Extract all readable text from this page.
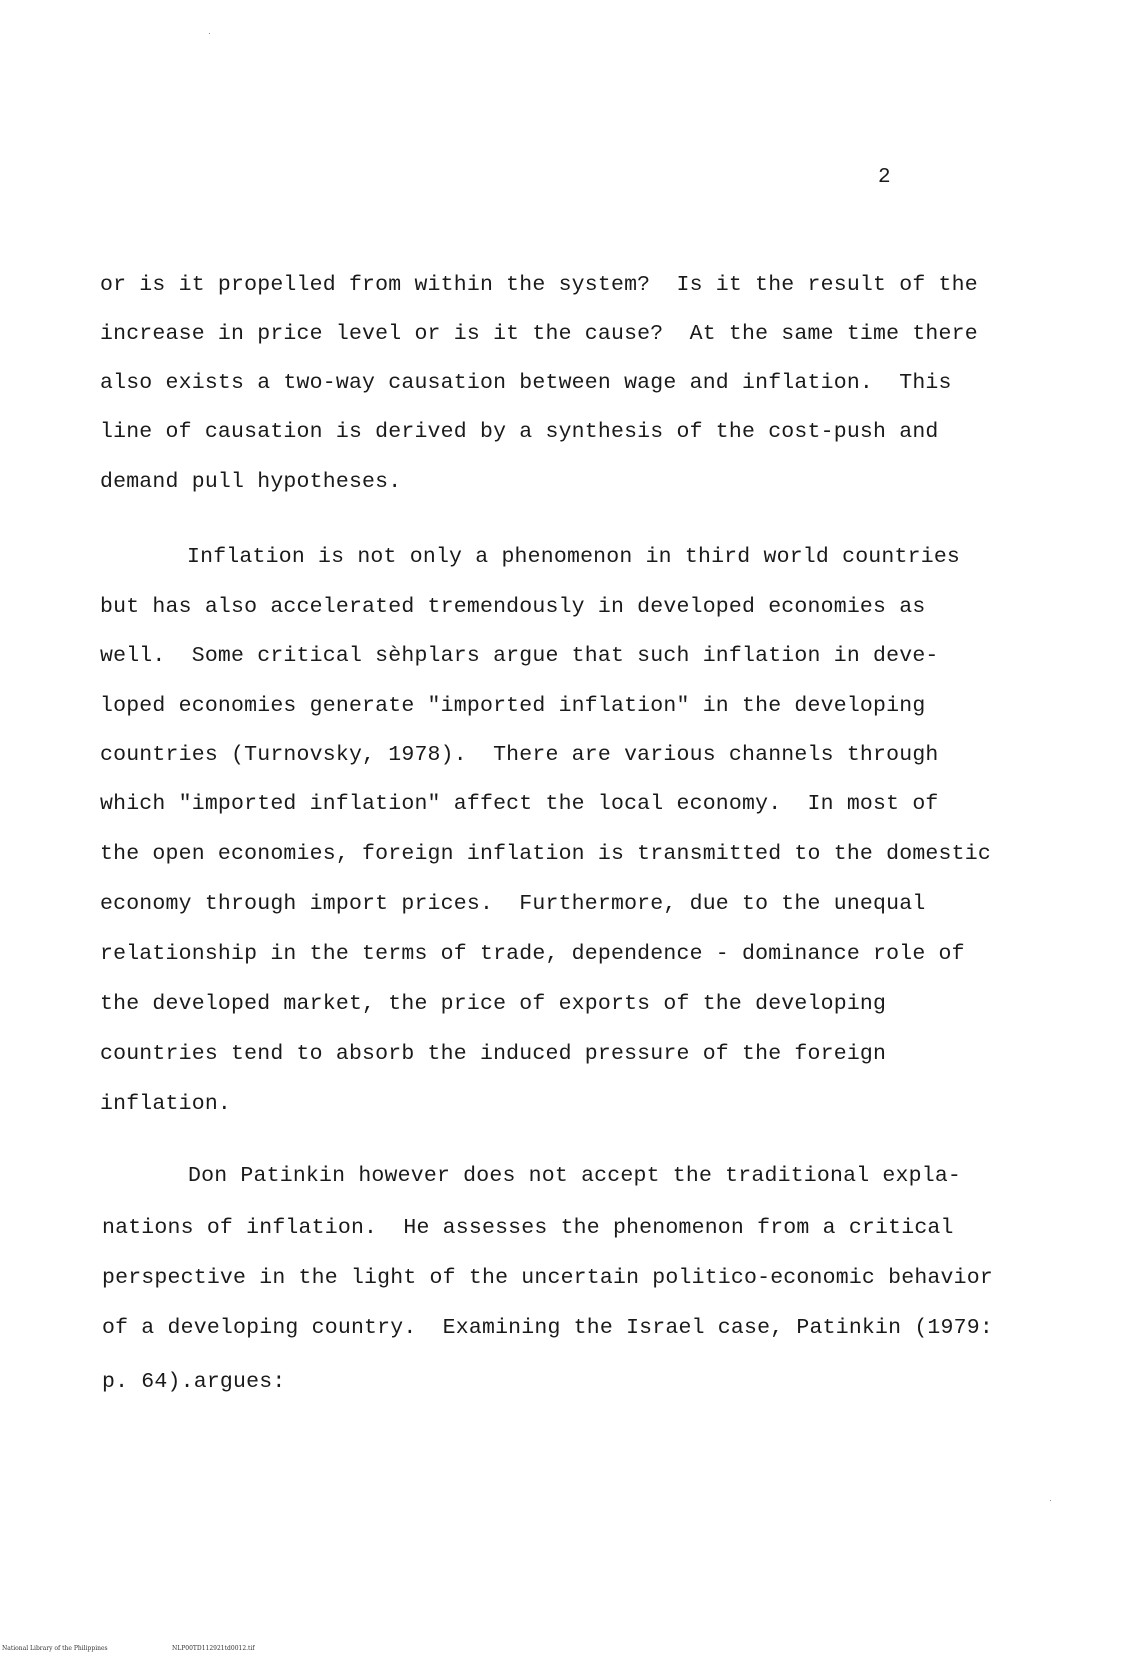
2
or is it propelled from within the system?  Is it the result of the
increase in price level or is it the cause?  At the same time there
also exists a two-way causation between wage and inflation.  This
line of causation is derived by a synthesis of the cost-push and
demand pull hypotheses.
Inflation is not only a phenomenon in third world countries
but has also accelerated tremendously in developed economies as
well.  Some critical sèhplars argue that such inflation in deve-
loped economies generate "imported inflation" in the developing
countries (Turnovsky, 1978).  There are various channels through
which "imported inflation" affect the local economy.  In most of
the open economies, foreign inflation is transmitted to the domestic
economy through import prices.  Furthermore, due to the unequal
relationship in the terms of trade, dependence - dominance role of
the developed market, the price of exports of the developing
countries tend to absorb the induced pressure of the foreign
inflation.
Don Patinkin however does not accept the traditional expla-
nations of inflation.  He assesses the phenomenon from a critical
perspective in the light of the uncertain politico-economic behavior
of a developing country.  Examining the Israel case, Patinkin (1979:
p. 64).argues:
National Library of the Philippines	NLP00TD112921td0012.tif
